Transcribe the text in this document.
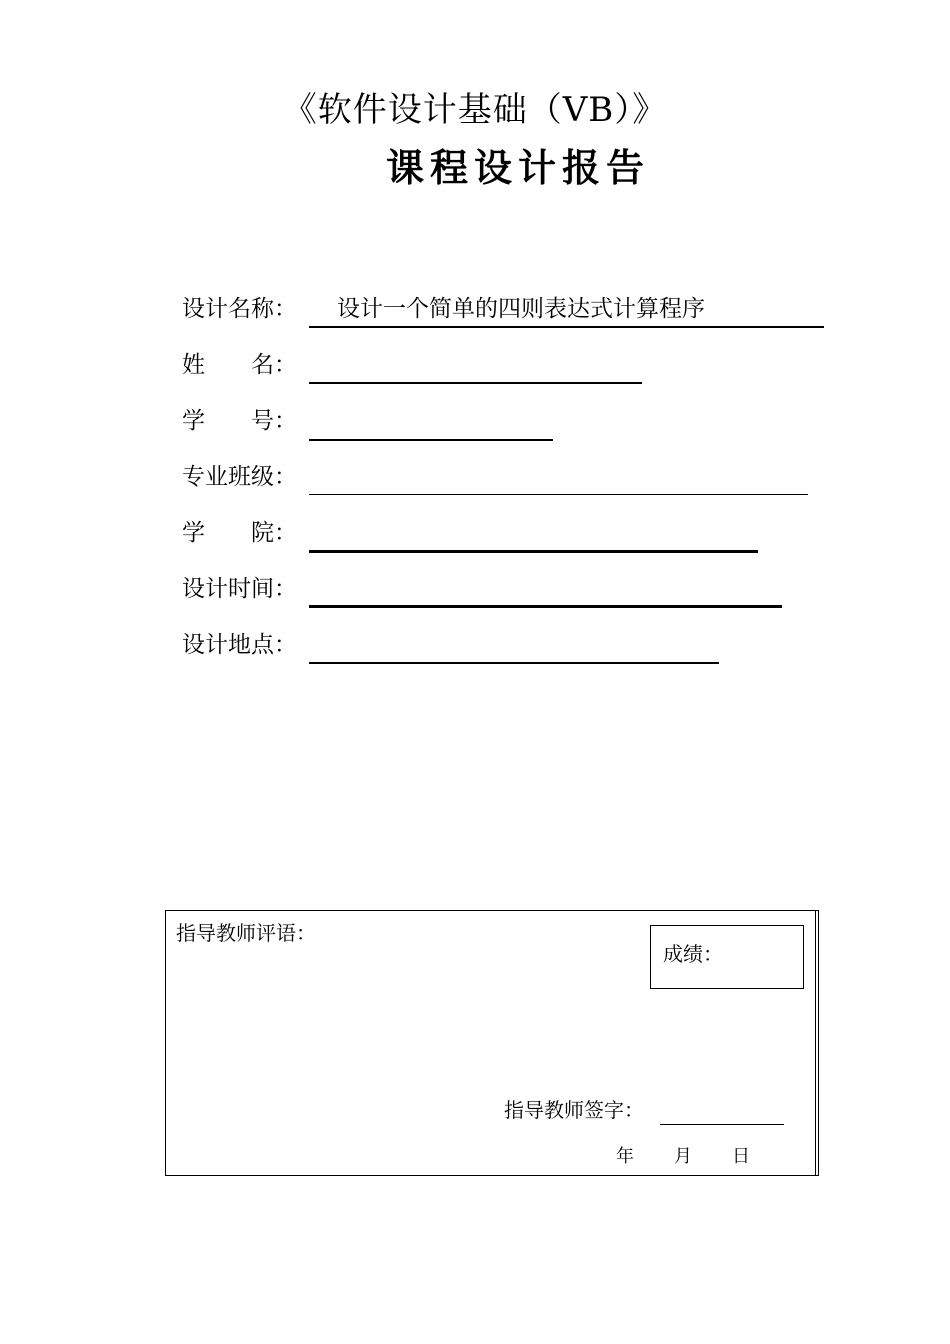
《软件设计基础（VB）》
课程设计报告
设计名称： 设计一个简单的四则表达式计算程序
姓　　名：
学　　号：
专业班级：
学　　院：
设计时间：
设计地点：
指导教师评语：
成绩：
指导教师签字：
年 月 日
